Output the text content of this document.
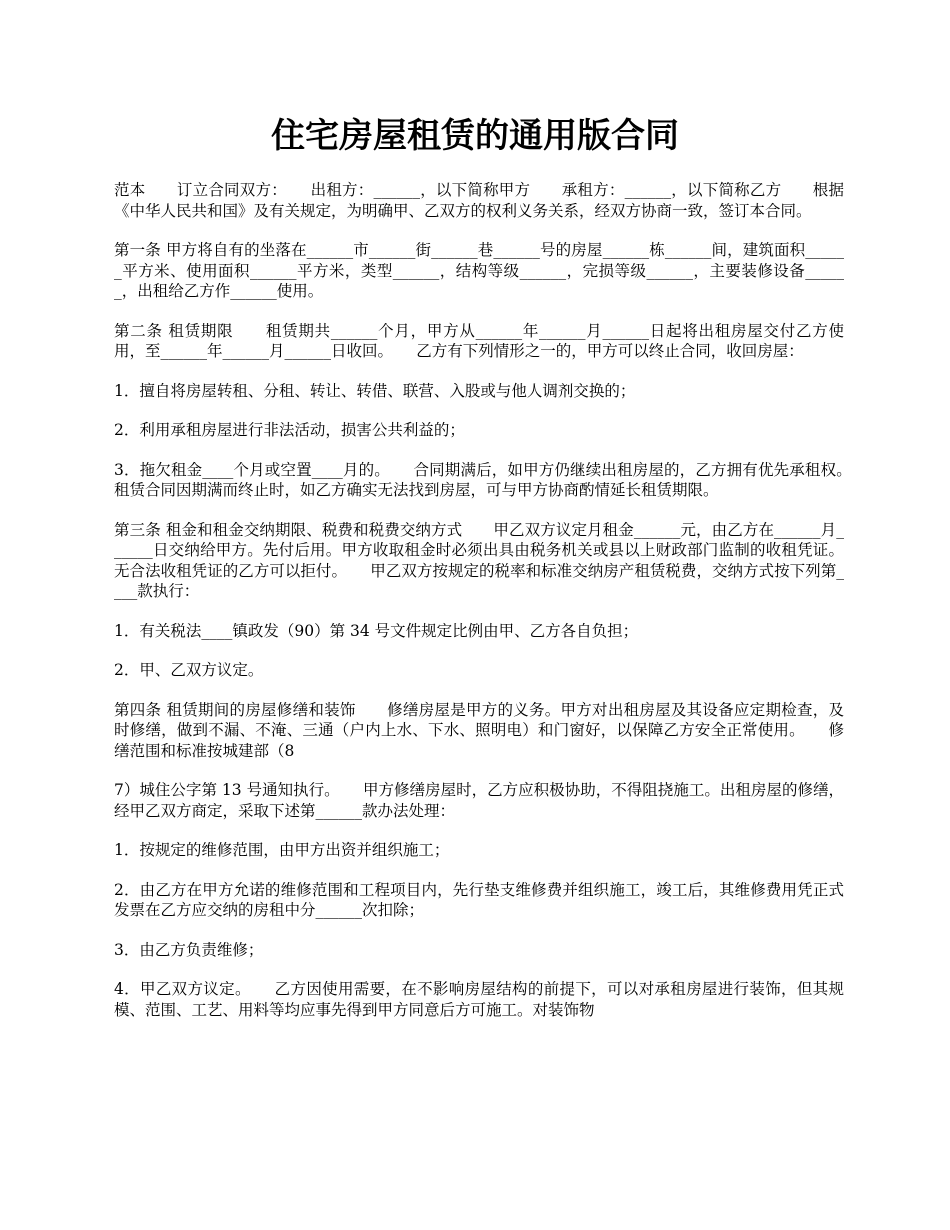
住宅房屋租赁的通用版合同

范本　　订立合同双方：　　出租方：______，以下简称甲方　　承租方：______，以下简称乙方　　根据《中华人民共和国》及有关规定，为明确甲、乙双方的权利义务关系，经双方协商一致，签订本合同。

第一条 甲方将自有的坐落在______市______街______巷______号的房屋______栋______间，建筑面积______平方米、使用面积______平方米，类型______，结构等级______，完损等级______，主要装修设备______，出租给乙方作______使用。

第二条 租赁期限　　租赁期共______个月，甲方从______年______月______日起将出租房屋交付乙方使用，至______年______月______日收回。　　乙方有下列情形之一的，甲方可以终止合同，收回房屋：

1．擅自将房屋转租、分租、转让、转借、联营、入股或与他人调剂交换的；

2．利用承租房屋进行非法活动，损害公共利益的；

3．拖欠租金____个月或空置____月的。　　合同期满后，如甲方仍继续出租房屋的，乙方拥有优先承租权。　　租赁合同因期满而终止时，如乙方确实无法找到房屋，可与甲方协商酌情延长租赁期限。

第三条 租金和租金交纳期限、税费和税费交纳方式　　甲乙双方议定月租金______元，由乙方在______月______日交纳给甲方。先付后用。甲方收取租金时必须出具由税务机关或县以上财政部门监制的收租凭证。无合法收租凭证的乙方可以拒付。　　甲乙双方按规定的税率和标准交纳房产租赁税费，交纳方式按下列第____款执行：

1．有关税法____镇政发（90）第 34 号文件规定比例由甲、乙方各自负担；

2．甲、乙双方议定。

第四条 租赁期间的房屋修缮和装饰　　修缮房屋是甲方的义务。甲方对出租房屋及其设备应定期检查，及时修缮，做到不漏、不淹、三通（户内上水、下水、照明电）和门窗好，以保障乙方安全正常使用。　　修缮范围和标准按城建部（8

7）城住公字第 13 号通知执行。　　甲方修缮房屋时，乙方应积极协助，不得阻挠施工。出租房屋的修缮，经甲乙双方商定，采取下述第______款办法处理：

1．按规定的维修范围，由甲方出资并组织施工；

2．由乙方在甲方允诺的维修范围和工程项目内，先行垫支维修费并组织施工，竣工后，其维修费用凭正式发票在乙方应交纳的房租中分______次扣除；

3．由乙方负责维修；

4．甲乙双方议定。　　乙方因使用需要，在不影响房屋结构的前提下，可以对承租房屋进行装饰，但其规模、范围、工艺、用料等均应事先得到甲方同意后方可施工。对装饰物
